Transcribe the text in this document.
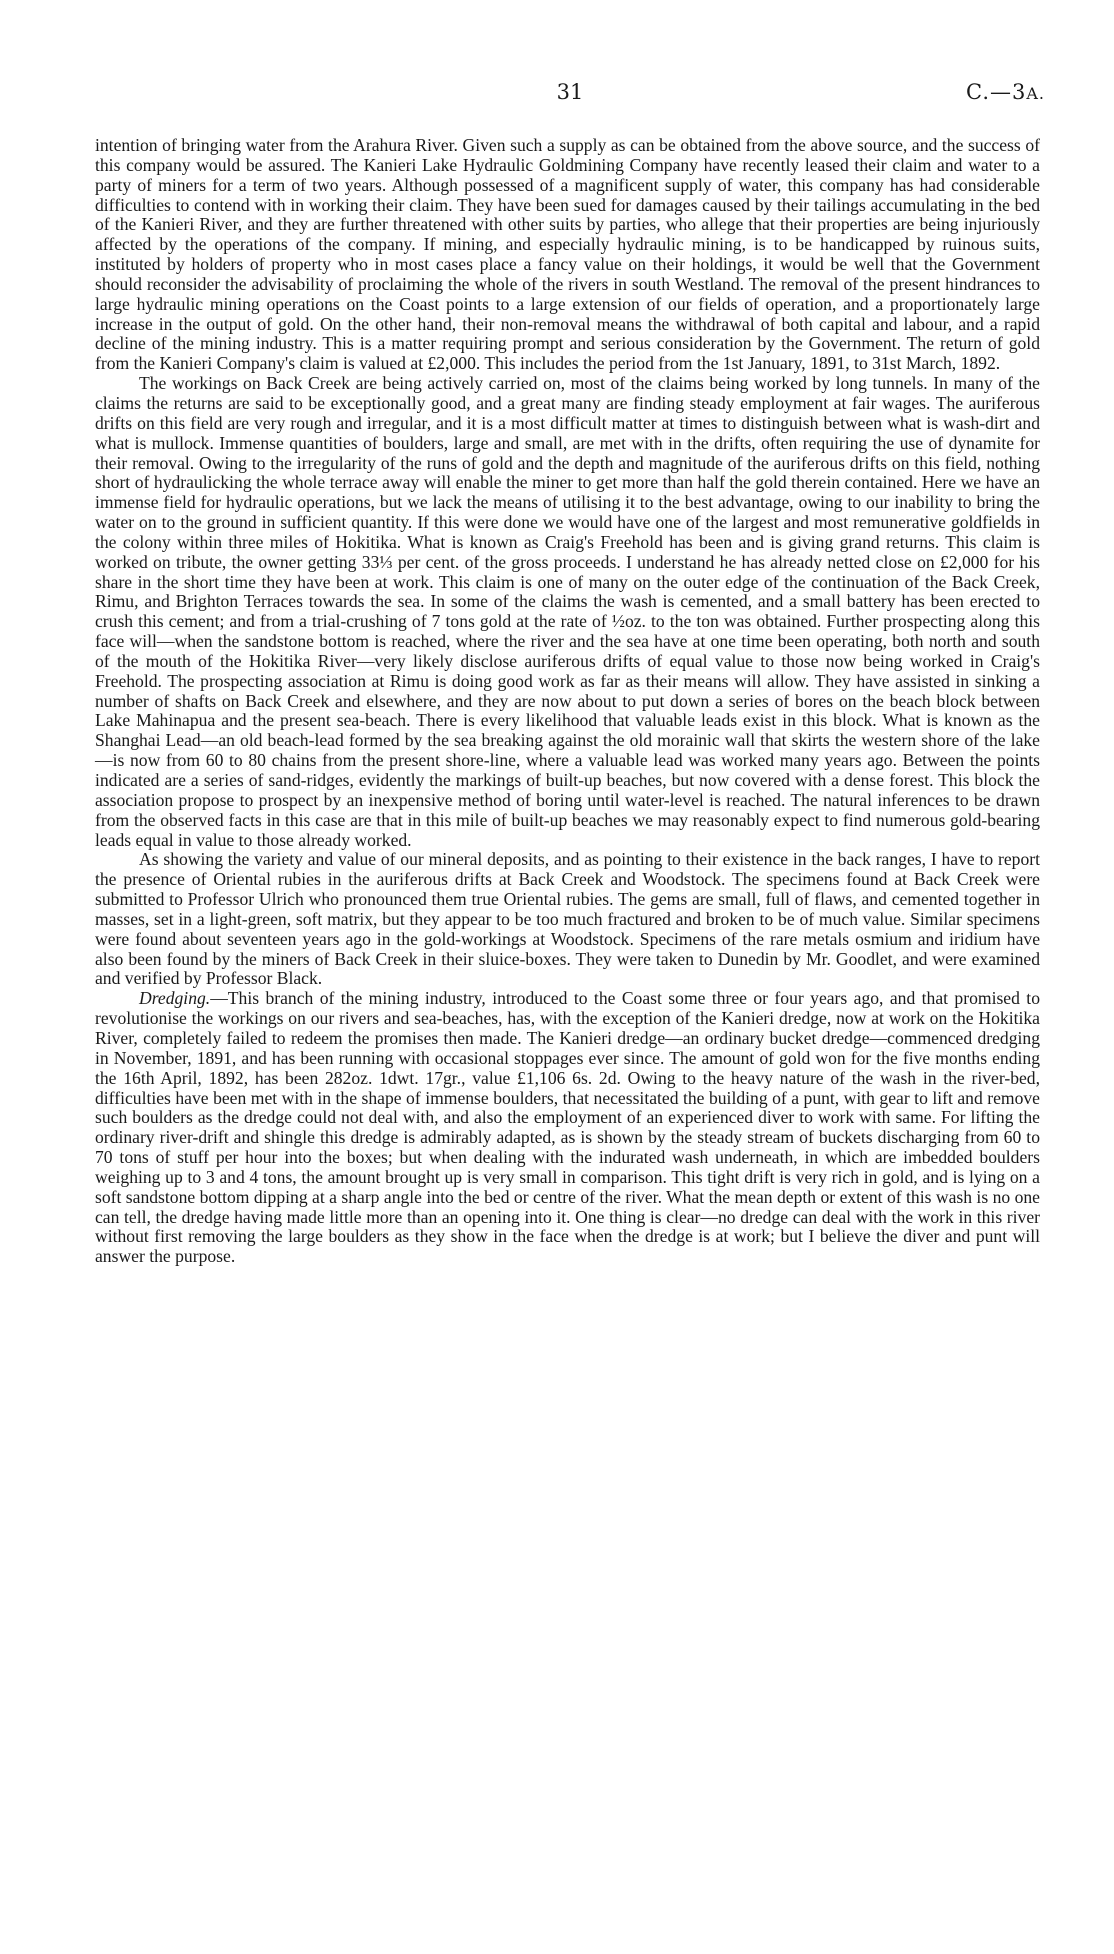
31	C.—3A.

intention of bringing water from the Arahura River. Given such a supply as can be obtained from the above source, and the success of this company would be assured. The Kanieri Lake Hydraulic Goldmining Company have recently leased their claim and water to a party of miners for a term of two years. Although possessed of a magnificent supply of water, this company has had considerable difficulties to contend with in working their claim. They have been sued for damages caused by their tailings accumulating in the bed of the Kanieri River, and they are further threatened with other suits by parties, who allege that their properties are being injuriously affected by the operations of the company. If mining, and especially hydraulic mining, is to be handicapped by ruinous suits, instituted by holders of property who in most cases place a fancy value on their holdings, it would be well that the Government should reconsider the advisability of proclaiming the whole of the rivers in south Westland. The removal of the present hindrances to large hydraulic mining operations on the Coast points to a large extension of our fields of operation, and a proportionately large increase in the output of gold. On the other hand, their non-removal means the withdrawal of both capital and labour, and a rapid decline of the mining industry. This is a matter requiring prompt and serious consideration by the Government. The return of gold from the Kanieri Company's claim is valued at £2,000. This includes the period from the 1st January, 1891, to 31st March, 1892.

The workings on Back Creek are being actively carried on, most of the claims being worked by long tunnels. In many of the claims the returns are said to be exceptionally good, and a great many are finding steady employment at fair wages. The auriferous drifts on this field are very rough and irregular, and it is a most difficult matter at times to distinguish between what is wash-dirt and what is mullock. Immense quantities of boulders, large and small, are met with in the drifts, often requiring the use of dynamite for their removal. Owing to the irregularity of the runs of gold and the depth and magnitude of the auriferous drifts on this field, nothing short of hydraulicking the whole terrace away will enable the miner to get more than half the gold therein contained. Here we have an immense field for hydraulic operations, but we lack the means of utilising it to the best advantage, owing to our inability to bring the water on to the ground in sufficient quantity. If this were done we would have one of the largest and most remunerative goldfields in the colony within three miles of Hokitika. What is known as Craig's Freehold has been and is giving grand returns. This claim is worked on tribute, the owner getting 33⅓ per cent. of the gross proceeds. I understand he has already netted close on £2,000 for his share in the short time they have been at work. This claim is one of many on the outer edge of the continuation of the Back Creek, Rimu, and Brighton Terraces towards the sea. In some of the claims the wash is cemented, and a small battery has been erected to crush this cement; and from a trial-crushing of 7 tons gold at the rate of ½oz. to the ton was obtained. Further prospecting along this face will—when the sandstone bottom is reached, where the river and the sea have at one time been operating, both north and south of the mouth of the Hokitika River—very likely disclose auriferous drifts of equal value to those now being worked in Craig's Freehold. The prospecting association at Rimu is doing good work as far as their means will allow. They have assisted in sinking a number of shafts on Back Creek and elsewhere, and they are now about to put down a series of bores on the beach block between Lake Mahinapua and the present sea-beach. There is every likelihood that valuable leads exist in this block. What is known as the Shanghai Lead—an old beach-lead formed by the sea breaking against the old morainic wall that skirts the western shore of the lake—is now from 60 to 80 chains from the present shore-line, where a valuable lead was worked many years ago. Between the points indicated are a series of sand-ridges, evidently the markings of built-up beaches, but now covered with a dense forest. This block the association propose to prospect by an inexpensive method of boring until water-level is reached. The natural inferences to be drawn from the observed facts in this case are that in this mile of built-up beaches we may reasonably expect to find numerous gold-bearing leads equal in value to those already worked.

As showing the variety and value of our mineral deposits, and as pointing to their existence in the back ranges, I have to report the presence of Oriental rubies in the auriferous drifts at Back Creek and Woodstock. The specimens found at Back Creek were submitted to Professor Ulrich who pronounced them true Oriental rubies. The gems are small, full of flaws, and cemented together in masses, set in a light-green, soft matrix, but they appear to be too much fractured and broken to be of much value. Similar specimens were found about seventeen years ago in the gold-workings at Woodstock. Specimens of the rare metals osmium and iridium have also been found by the miners of Back Creek in their sluice-boxes. They were taken to Dunedin by Mr. Goodlet, and were examined and verified by Professor Black.

Dredging.—This branch of the mining industry, introduced to the Coast some three or four years ago, and that promised to revolutionise the workings on our rivers and sea-beaches, has, with the exception of the Kanieri dredge, now at work on the Hokitika River, completely failed to redeem the promises then made. The Kanieri dredge—an ordinary bucket dredge—commenced dredging in November, 1891, and has been running with occasional stoppages ever since. The amount of gold won for the five months ending the 16th April, 1892, has been 282oz. 1dwt. 17gr., value £1,106 6s. 2d. Owing to the heavy nature of the wash in the river-bed, difficulties have been met with in the shape of immense boulders, that necessitated the building of a punt, with gear to lift and remove such boulders as the dredge could not deal with, and also the employment of an experienced diver to work with same. For lifting the ordinary river-drift and shingle this dredge is admirably adapted, as is shown by the steady stream of buckets discharging from 60 to 70 tons of stuff per hour into the boxes; but when dealing with the indurated wash underneath, in which are imbedded boulders weighing up to 3 and 4 tons, the amount brought up is very small in comparison. This tight drift is very rich in gold, and is lying on a soft sandstone bottom dipping at a sharp angle into the bed or centre of the river. What the mean depth or extent of this wash is no one can tell, the dredge having made little more than an opening into it. One thing is clear—no dredge can deal with the work in this river without first removing the large boulders as they show in the face when the dredge is at work; but I believe the diver and punt will answer the purpose.
